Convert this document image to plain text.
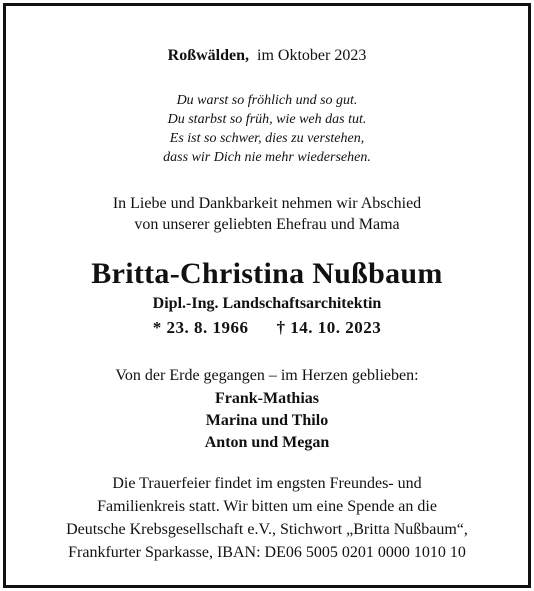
Roßwälden, im Oktober 2023
Du warst so fröhlich und so gut.
Du starbst so früh, wie weh das tut.
Es ist so schwer, dies zu verstehen,
dass wir Dich nie mehr wiedersehen.
In Liebe und Dankbarkeit nehmen wir Abschied
von unserer geliebten Ehefrau und Mama
Britta-Christina Nußbaum
Dipl.-Ing. Landschaftsarchitektin
* 23. 8. 1966 † 14. 10. 2023
Von der Erde gegangen – im Herzen geblieben:
Frank-Mathias
Marina und Thilo
Anton und Megan
Die Trauerfeier findet im engsten Freundes- und
Familienkreis statt. Wir bitten um eine Spende an die
Deutsche Krebsgesellschaft e.V., Stichwort „Britta Nußbaum“,
Frankfurter Sparkasse, IBAN: DE06 5005 0201 0000 1010 10
